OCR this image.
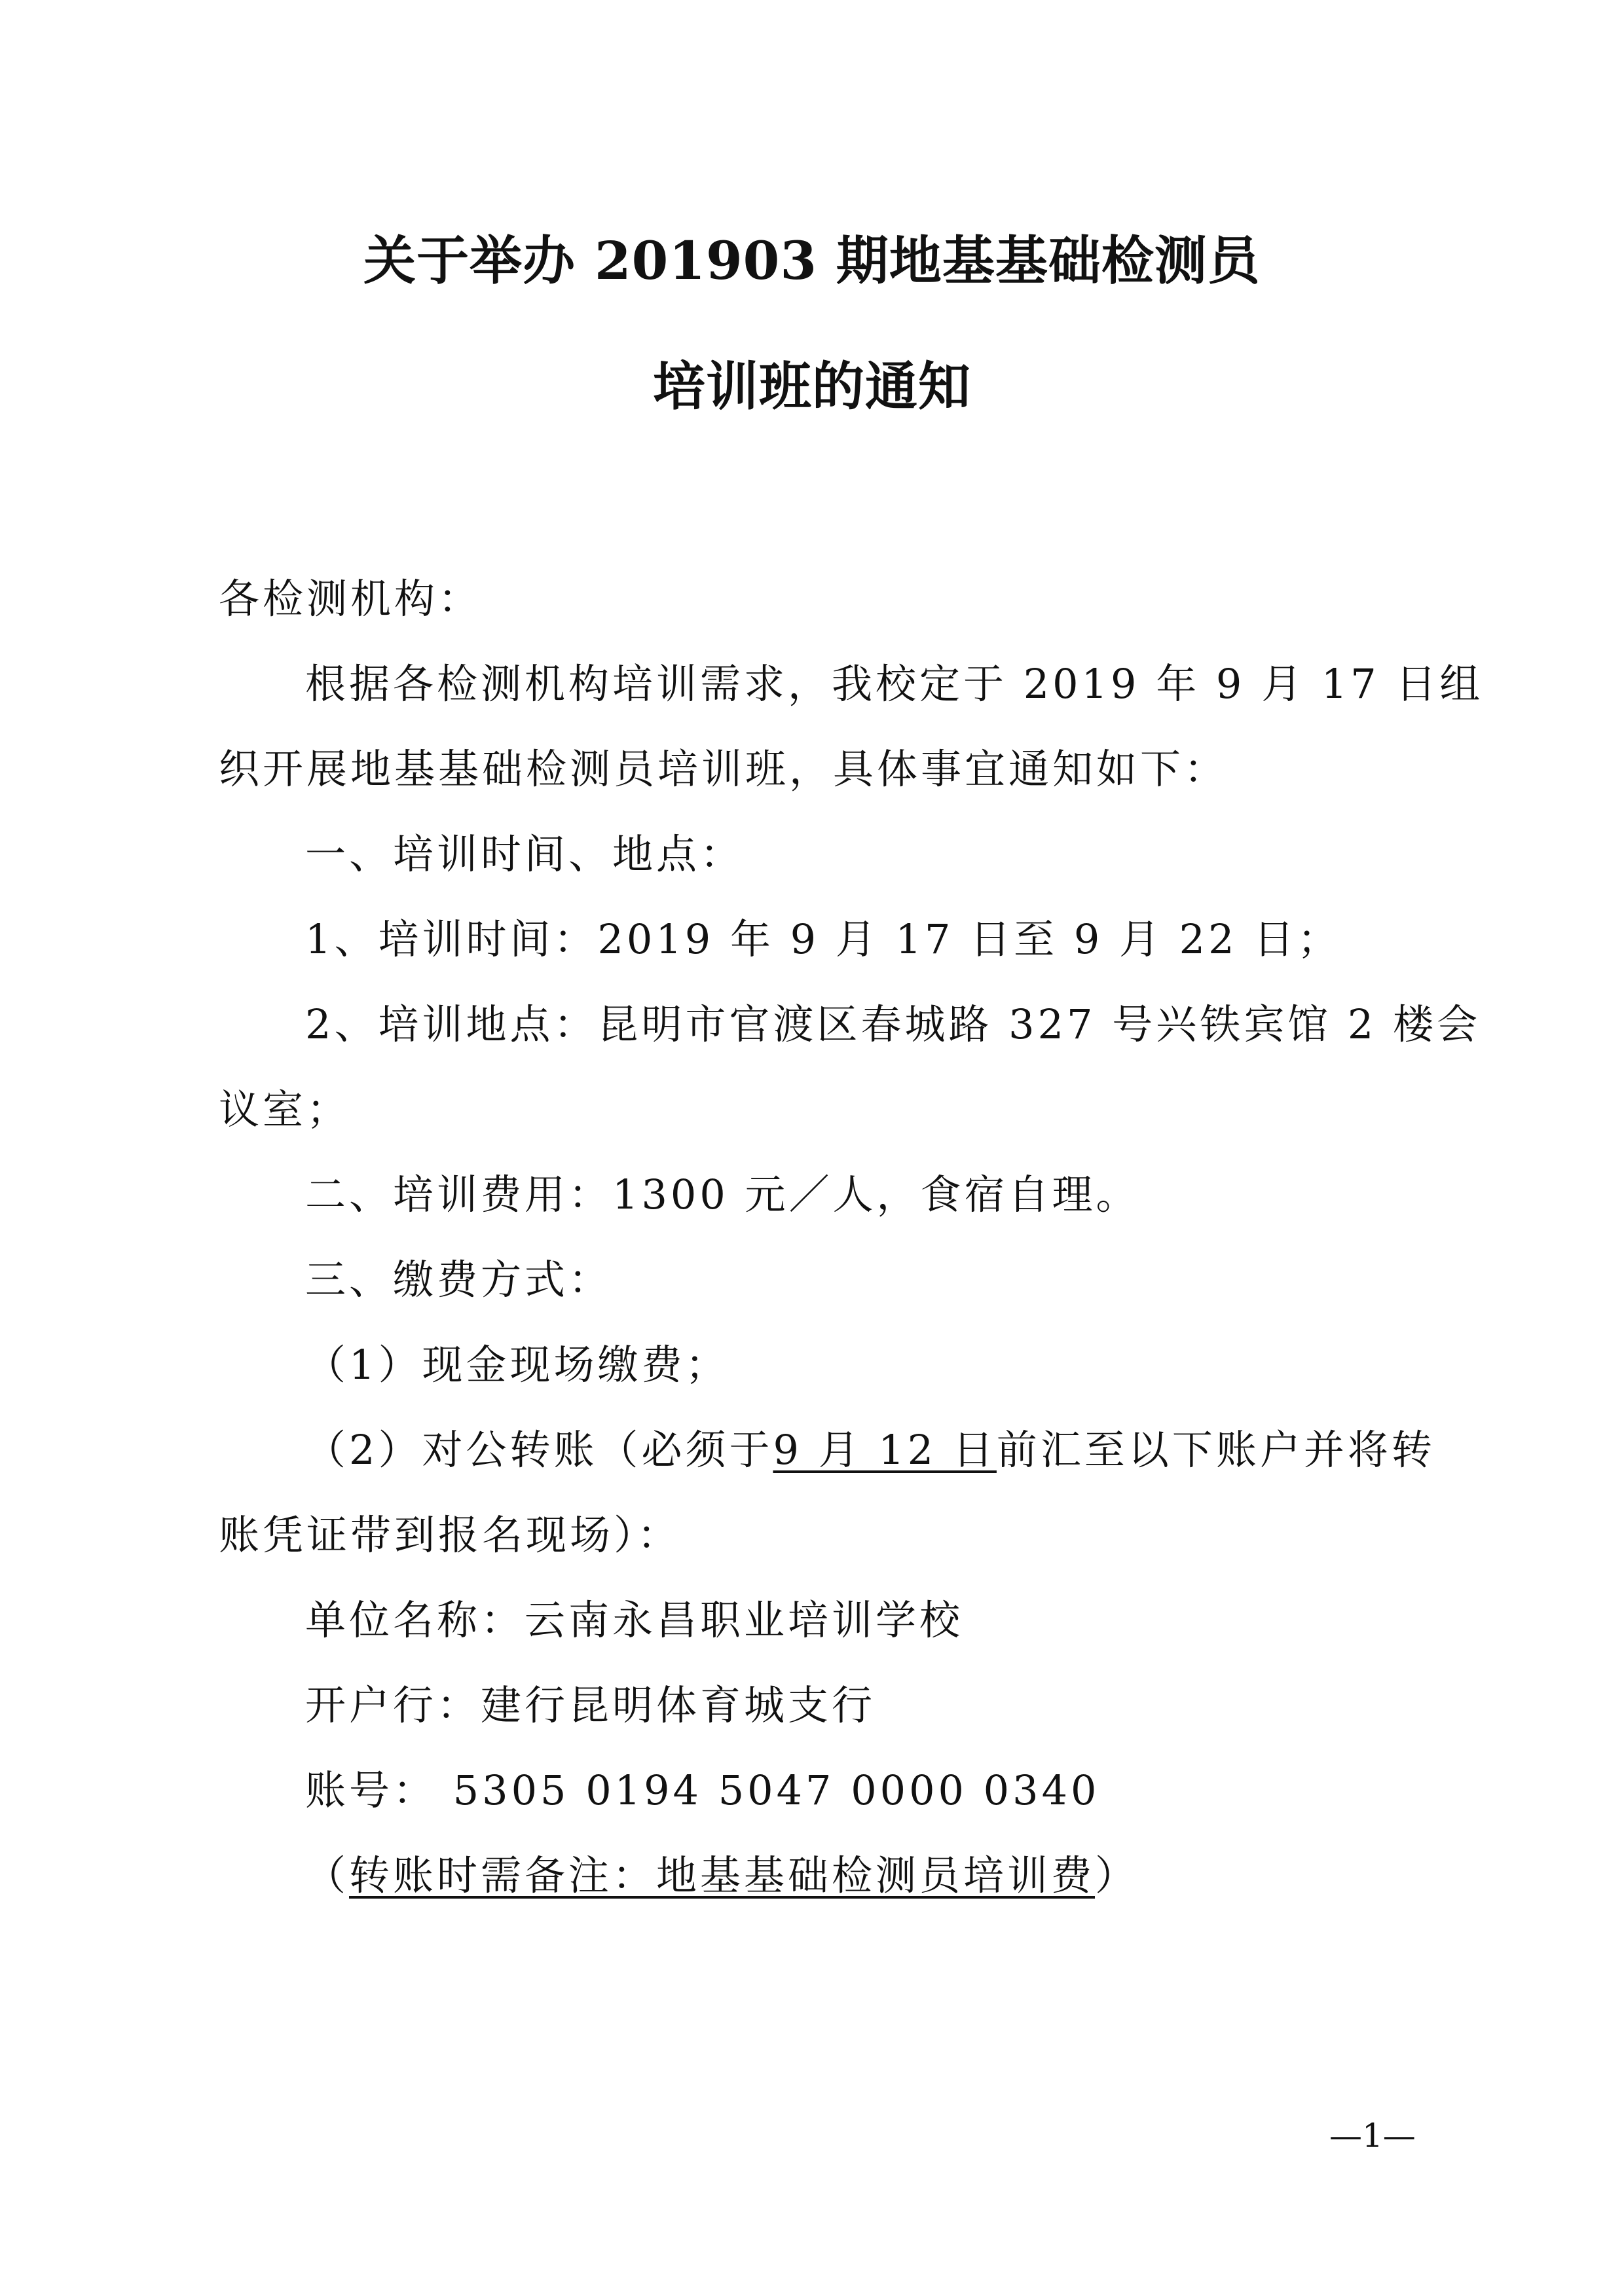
关于举办 201903 期地基基础检测员
培训班的通知
各检测机构：
根据各检测机构培训需求，我校定于 2019 年 9 月 17 日组
织开展地基基础检测员培训班，具体事宜通知如下：
一、培训时间、地点：
1、培训时间：2019 年 9 月 17 日至 9 月 22 日；
2、培训地点：昆明市官渡区春城路 327 号兴铁宾馆 2 楼会
议室；
二、培训费用：1300 元／人，食宿自理。
三、缴费方式：
（1）现金现场缴费；
（2）对公转账（必须于9 月 12 日前汇至以下账户并将转
账凭证带到报名现场）：
单位名称：云南永昌职业培训学校
开户行：建行昆明体育城支行
账号： 5305 0194 5047 0000 0340
（转账时需备注：地基基础检测员培训费）
—1—
